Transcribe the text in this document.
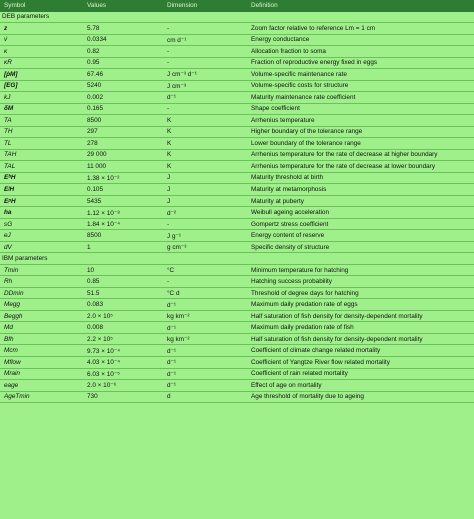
Symbol	Values	Dimension	Definition
DEB parameters
z	5.78	-	Zoom factor relative to reference Lm = 1 cm
v̇	0.0334	cm d⁻¹	Energy conductance
κ	0.82	-	Allocation fraction to soma
κR	0.95	-	Fraction of reproductive energy fixed in eggs
[ṗM]	67.46	J cm⁻³ d⁻¹	Volume-specific maintenance rate
[EG]	5240	J cm⁻³	Volume-specific costs for structure
kJ	0.002	d⁻¹	Maturity maintenance rate coefficient
δM	0.165	-	Shape coefficient
TA	8500	K	Arrhenius temperature
TH	297	K	Higher boundary of the tolerance range
TL	278	K	Lower boundary of the tolerance range
TAH	29 000	K	Arrhenius temperature for the rate of decrease at higher boundary
TAL	11 000	K	Arrhenius temperature for the rate of decrease at lower boundary
EᵇH	1.38 × 10⁻²	J	Maturity threshold at birth
EʲH	0.105	J	Maturity at metamorphosis
EᵖH	5435	J	Maturity at puberty
ḧa	1.12 × 10⁻⁸	d⁻²	Weibull ageing acceleration
sG	1.84 × 10⁻⁴	-	Gompertz stress coefficient
eJ	8500	J g⁻¹	Energy content of reserve
dV	1	g cm⁻³	Specific density of structure
IBM parameters
Tmin	10	°C	Minimum temperature for hatching
Rh	0.85	-	Hatching success probability
DDmin	51.5	°C d	Threshold of degree days for hatching
Megg	0.083	d⁻¹	Maximum daily predation rate of eggs
Beggh	2.0 × 10⁵	kg km⁻²	Half saturation of fish density for density-dependent mortality
Md	0.008	d⁻¹	Maximum daily predation rate of fish
Bfh	2.2 × 10⁵	kg km⁻²	Half saturation of fish density for density-dependent mortality
Mcm	9.73 × 10⁻⁴	d⁻¹	Coefficient of climate change related mortality
Mflow	4.03 × 10⁻⁴	d⁻¹	Coefficient of Yangtze River flow related mortality
Mrain	6.03 × 10⁻⁵	d⁻¹	Coefficient of rain related mortality
eage	2.0 × 10⁻⁶	d⁻¹	Effect of age on mortality
AgeTmin	730	d	Age threshold of mortality due to ageing
